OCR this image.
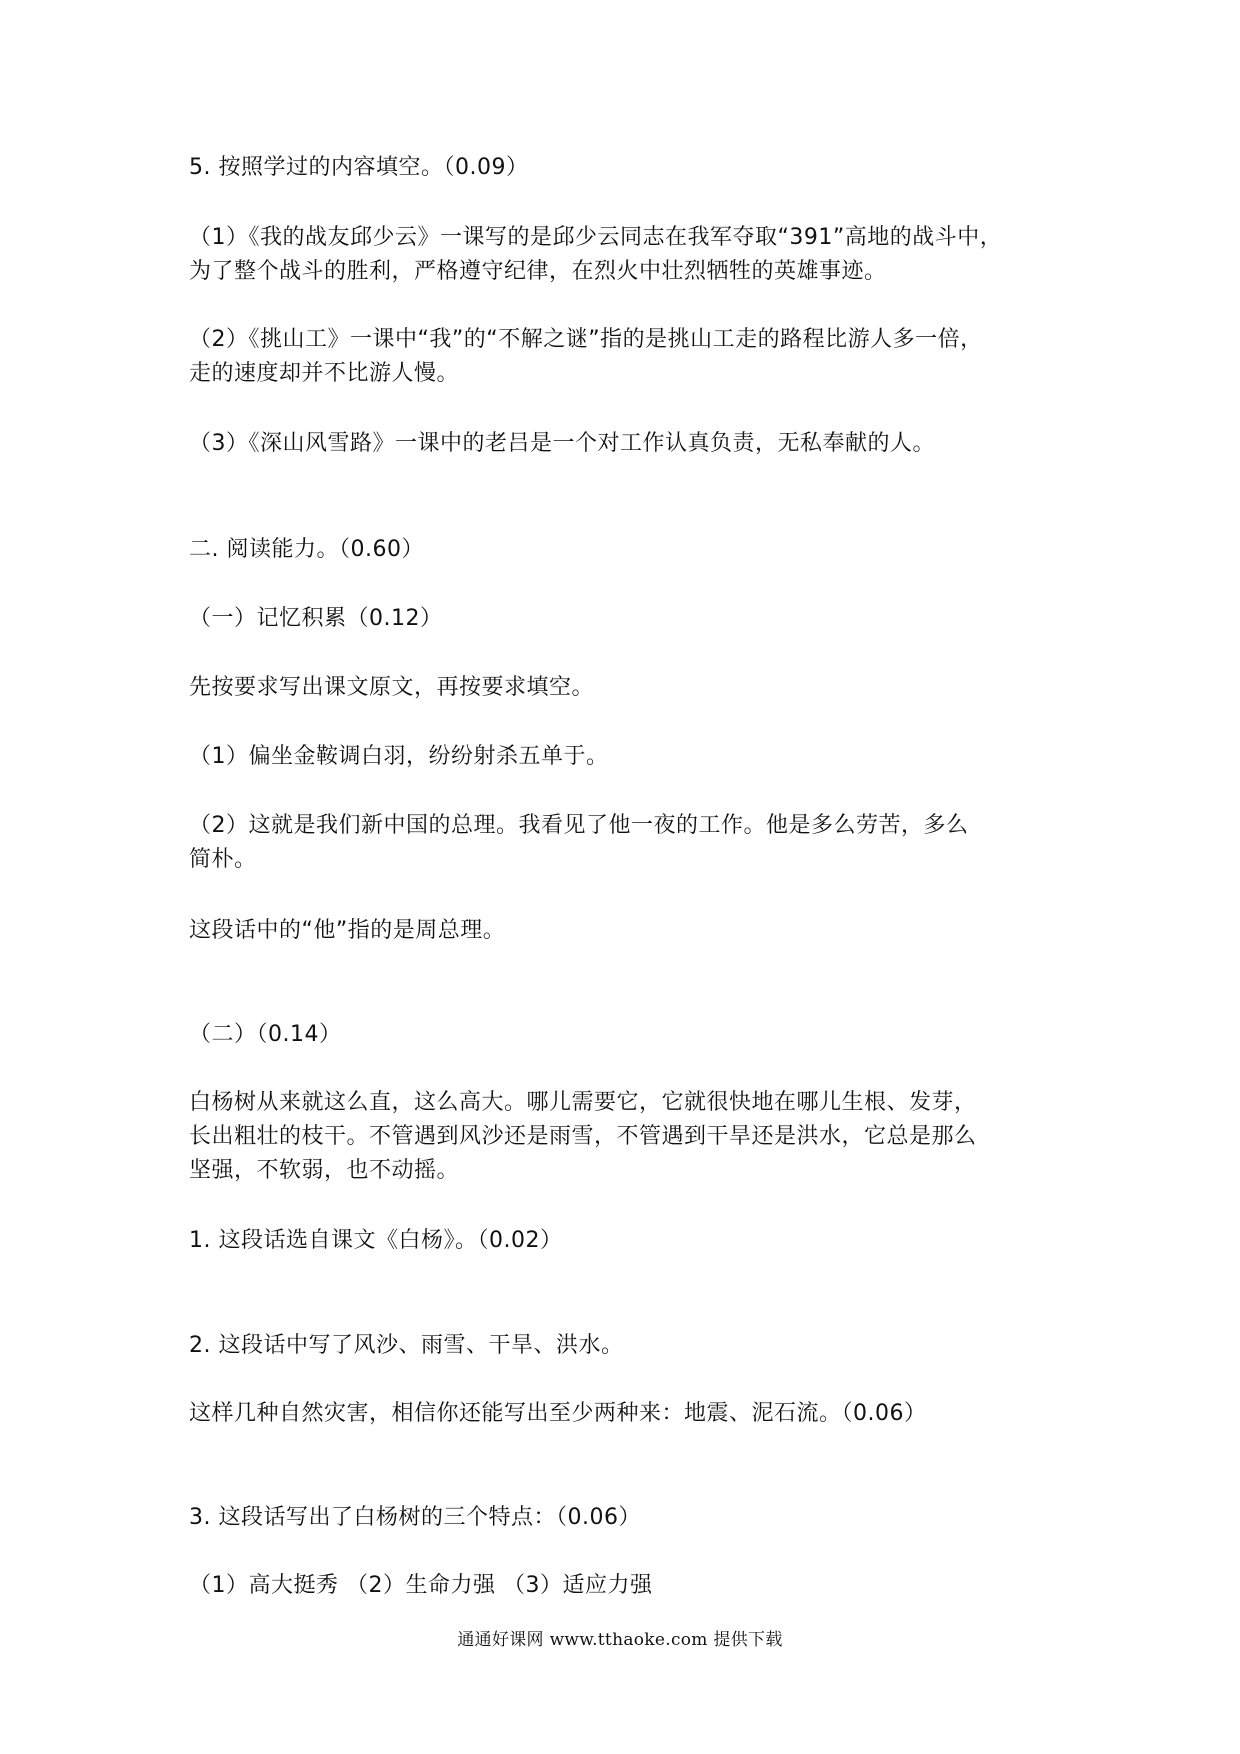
5. 按照学过的内容填空。（0.09）
（1）《我的战友邱少云》一课写的是邱少云同志在我军夺取“391”高地的战斗中，
为了整个战斗的胜利，严格遵守纪律，在烈火中壮烈牺牲的英雄事迹。
（2）《挑山工》一课中“我”的“不解之谜”指的是挑山工走的路程比游人多一倍，
走的速度却并不比游人慢。
（3）《深山风雪路》一课中的老吕是一个对工作认真负责，无私奉献的人。
二. 阅读能力。（0.60）
（一）记忆积累（0.12）
先按要求写出课文原文，再按要求填空。
（1）偏坐金鞍调白羽，纷纷射杀五单于。
（2）这就是我们新中国的总理。我看见了他一夜的工作。他是多么劳苦，多么
简朴。
这段话中的“他”指的是周总理。
（二）（0.14）
白杨树从来就这么直，这么高大。哪儿需要它，它就很快地在哪儿生根、发芽，
长出粗壮的枝干。不管遇到风沙还是雨雪，不管遇到干旱还是洪水，它总是那么
坚强，不软弱，也不动摇。
1. 这段话选自课文《白杨》。（0.02）
2. 这段话中写了风沙、雨雪、干旱、洪水。
这样几种自然灾害，相信你还能写出至少两种来：地震、泥石流。（0.06）
3. 这段话写出了白杨树的三个特点：（0.06）
（1）高大挺秀 （2）生命力强 （3）适应力强
通通好课网 www.tthaoke.com 提供下载
